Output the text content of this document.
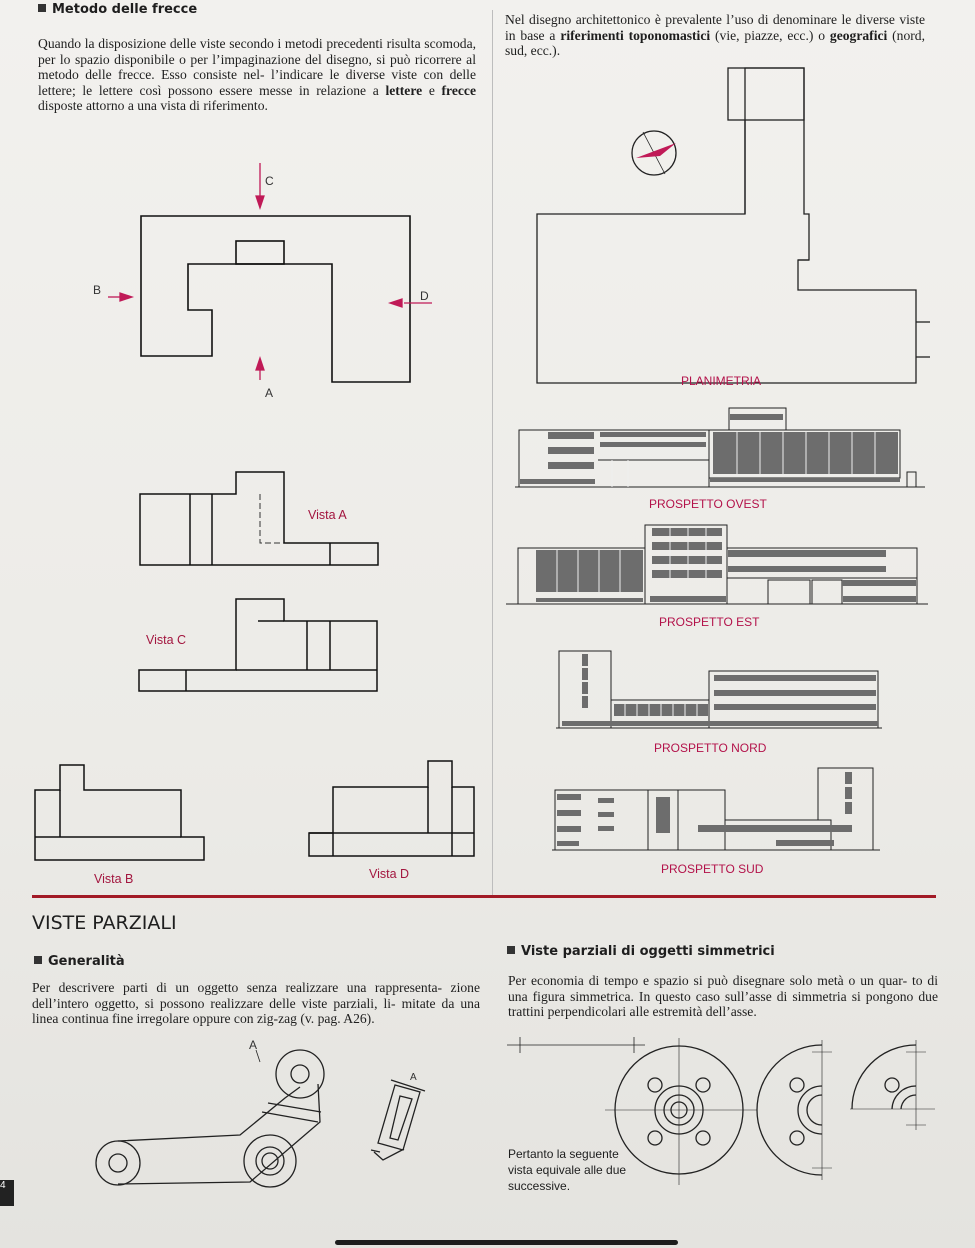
Metodo delle frecce
Quando la disposizione delle viste secondo i metodi precedenti risulta scomoda, per lo spazio disponibile o per l’impaginazione del disegno, si può ricorrere al metodo delle frecce. Esso consiste nel- l’indicare le diverse viste con delle lettere; le lettere così possono essere messe in relazione a lettere e frecce disposte attorno a una vista di riferimento.
Nel disegno architettonico è prevalente l’uso di denominare le diverse viste in base a riferimenti toponomastici (vie, piazze, ecc.) o geografici (nord, sud, ecc.).
C
B	D
A
Vista A
Vista C
Vista B	Vista D
PLANIMETRIA
PROSPETTO OVEST
PROSPETTO EST
PROSPETTO NORD
PROSPETTO SUD
VISTE PARZIALI
Generalità
Viste parziali di oggetti simmetrici
Per descrivere parti di un oggetto senza realizzare una rappresenta- zione dell’intero oggetto, si possono realizzare delle viste parziali, li- mitate da una linea continua fine irregolare oppure con zig-zag (v. pag. A26).
Per economia di tempo e spazio si può disegnare solo metà o un quar- to di una figura simmetrica. In questo caso sull’asse di simmetria si pongono due trattini perpendicolari alle estremità dell’asse.
A
A
Pertanto la seguente
vista equivale alle due
successive.
4
